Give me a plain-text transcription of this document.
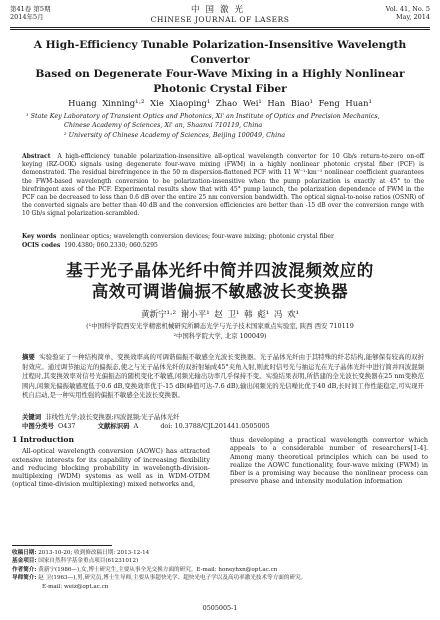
第41卷 第5期
2014年5月
中国激光
CHINESE JOURNAL OF LASERS
Vol. 41, No. 5
May, 2014
A High-Efficiency Tunable Polarization-Insensitive Wavelength Convertor
Based on Degenerate Four-Wave Mixing in a Highly Nonlinear
Photonic Crystal Fiber
Huang Xinning¹·² Xie Xiaoping¹ Zhao Wei¹ Han Biao¹ Feng Huan¹
¹ State Key Laboratory of Transient Optics and Photonics, Xi' an Institute of Optics and Precision Mechanics,
Chinese Academy of Sciences, Xi' an, Shaanxi 710119, China
² University of Chinese Academy of Sciences, Beijing 100049, China
Abstract A high-efficiency tunable polarization-insensitive all-optical wavelength convertor for 10 Gb/s return-to-zero on-off keying (RZ-OOK) signals using degenerate four-wave mixing (FWM) in a highly nonlinear photonic crystal fiber (PCF) is demonstrated. The residual birefringence in the 50 m dispersion-flattened PCF with 11 W⁻¹·km⁻¹ nonlinear coefficient guarantees the FWM-based wavelength conversion to be polarization-insensitive when the pump polarization is exactly at 45° to the birefringent axes of the PCF. Experimental results show that with 45° pump launch, the polarization dependence of FWM in the PCF can be decreased to less than 0.6 dB over the entire 25 nm conversion bandwidth. The optical signal-to-noise ratios (OSNR) of the converted signals are better than 40 dB and the conversion efficiencies are better than -15 dB over the conversion range with 10 Gb/s signal polarization-scrambled.
Key words nonlinear optics; wavelength conversion devices; four-wave mixing; photonic crystal fiber
OCIS codes 190.4380; 060.2330; 060.5295
基于光子晶体光纤中简并四波混频效应的
高效可调谐偏振不敏感波长变换器
黄新宁¹·² 谢小平¹ 赵 卫¹ 韩 彪¹ 冯 欢¹
(¹中国科学院西安光学精密机械研究所瞬态光学与光子技术国家重点实验室, 陕西 西安 710119
²中国科学院大学, 北京 100049)
摘要 实验验证了一种结构简单、变换效率高的可调谐偏振不敏感全光波长变换器。光子晶体光纤由于其特殊的纤芯结构,能够保有较高的双折射效应。通过调节抽运光的偏振态,使之与光子晶体光纤的双折射轴成45°夹角入射,则此时信号光与抽运光在光子晶体光纤中进行简并四波混频过程时,其变换效率对信号光偏振态的随机变化不敏感,闲频光输出功率几乎保持不变。实验结果表明,所搭建的全光波长变换器在25 nm变换范围内,闲频光偏振敏感度低于0.6 dB,变换效率优于-15 dB(峰值可达-7.6 dB),输出闲频光的光信噪比优于40 dB,长时间工作性能稳定,可实现开机自启动,是一种实用性强的偏振不敏感全光波长变换器。
关键词 非线性光学;波长变换器;四波混频;光子晶体光纤
中图分类号 O437	文献标识码 A	doi: 10.3788/CJL201441.0505005
1 Introduction
All-optical wavelength conversion (AOWC) has attracted extensive interests for its capability of increasing flexibility and reducing blocking probability in wavelength-division-multiplexing (WDM) systems as well as in WDM-OTDM (optical time-division multiplexing) mixed networks and,
thus developing a practical wavelength convertor which appeals to a considerable number of researchers[1-4]. Among many theoretical principles which can be used to realize the AOWC functionality, four-wave mixing (FWM) in fiber is a promising way because the nonlinear process can preserve phase and intensity modulation information
收稿日期: 2013-10-20; 收到修改稿日期: 2013-12-14
基金项目: 国家自然科学基金重点项目(61231012)
作者简介: 黄新宁(1986—),女,博士研究生,主要从事全光交换方面的研究。E-mail: honeyhxn@opt.ac.cn
导师简介: 赵 卫(1963—),男,研究员,博士生导师,主要从事超快光学、超快光电子学以及高功率激光技术等方面的研究。
E-mail: weiz@opt.ac.cn
0505005-1
